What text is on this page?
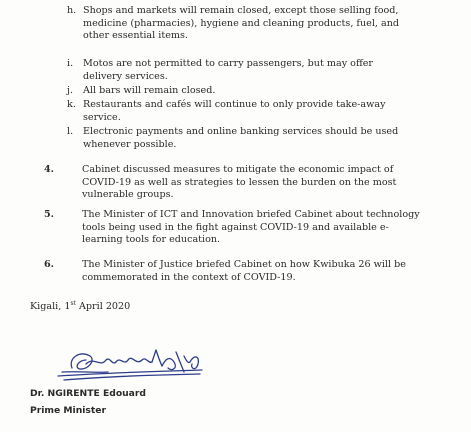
h. Shops and markets will remain closed, except those selling food, medicine (pharmacies), hygiene and cleaning products, fuel, and other essential items.
i. Motos are not permitted to carry passengers, but may offer delivery services.
j. All bars will remain closed.
k. Restaurants and cafés will continue to only provide take-away service.
l. Electronic payments and online banking services should be used whenever possible.
4.	Cabinet discussed measures to mitigate the economic impact of COVID-19 as well as strategies to lessen the burden on the most vulnerable groups.
5.	The Minister of ICT and Innovation briefed Cabinet about technology tools being used in the fight against COVID-19 and available e-learning tools for education.
6.	The Minister of Justice briefed Cabinet on how Kwibuka 26 will be commemorated in the context of COVID-19.
Kigali, 1st April 2020
Dr. NGIRENTE Edouard
Prime Minister
